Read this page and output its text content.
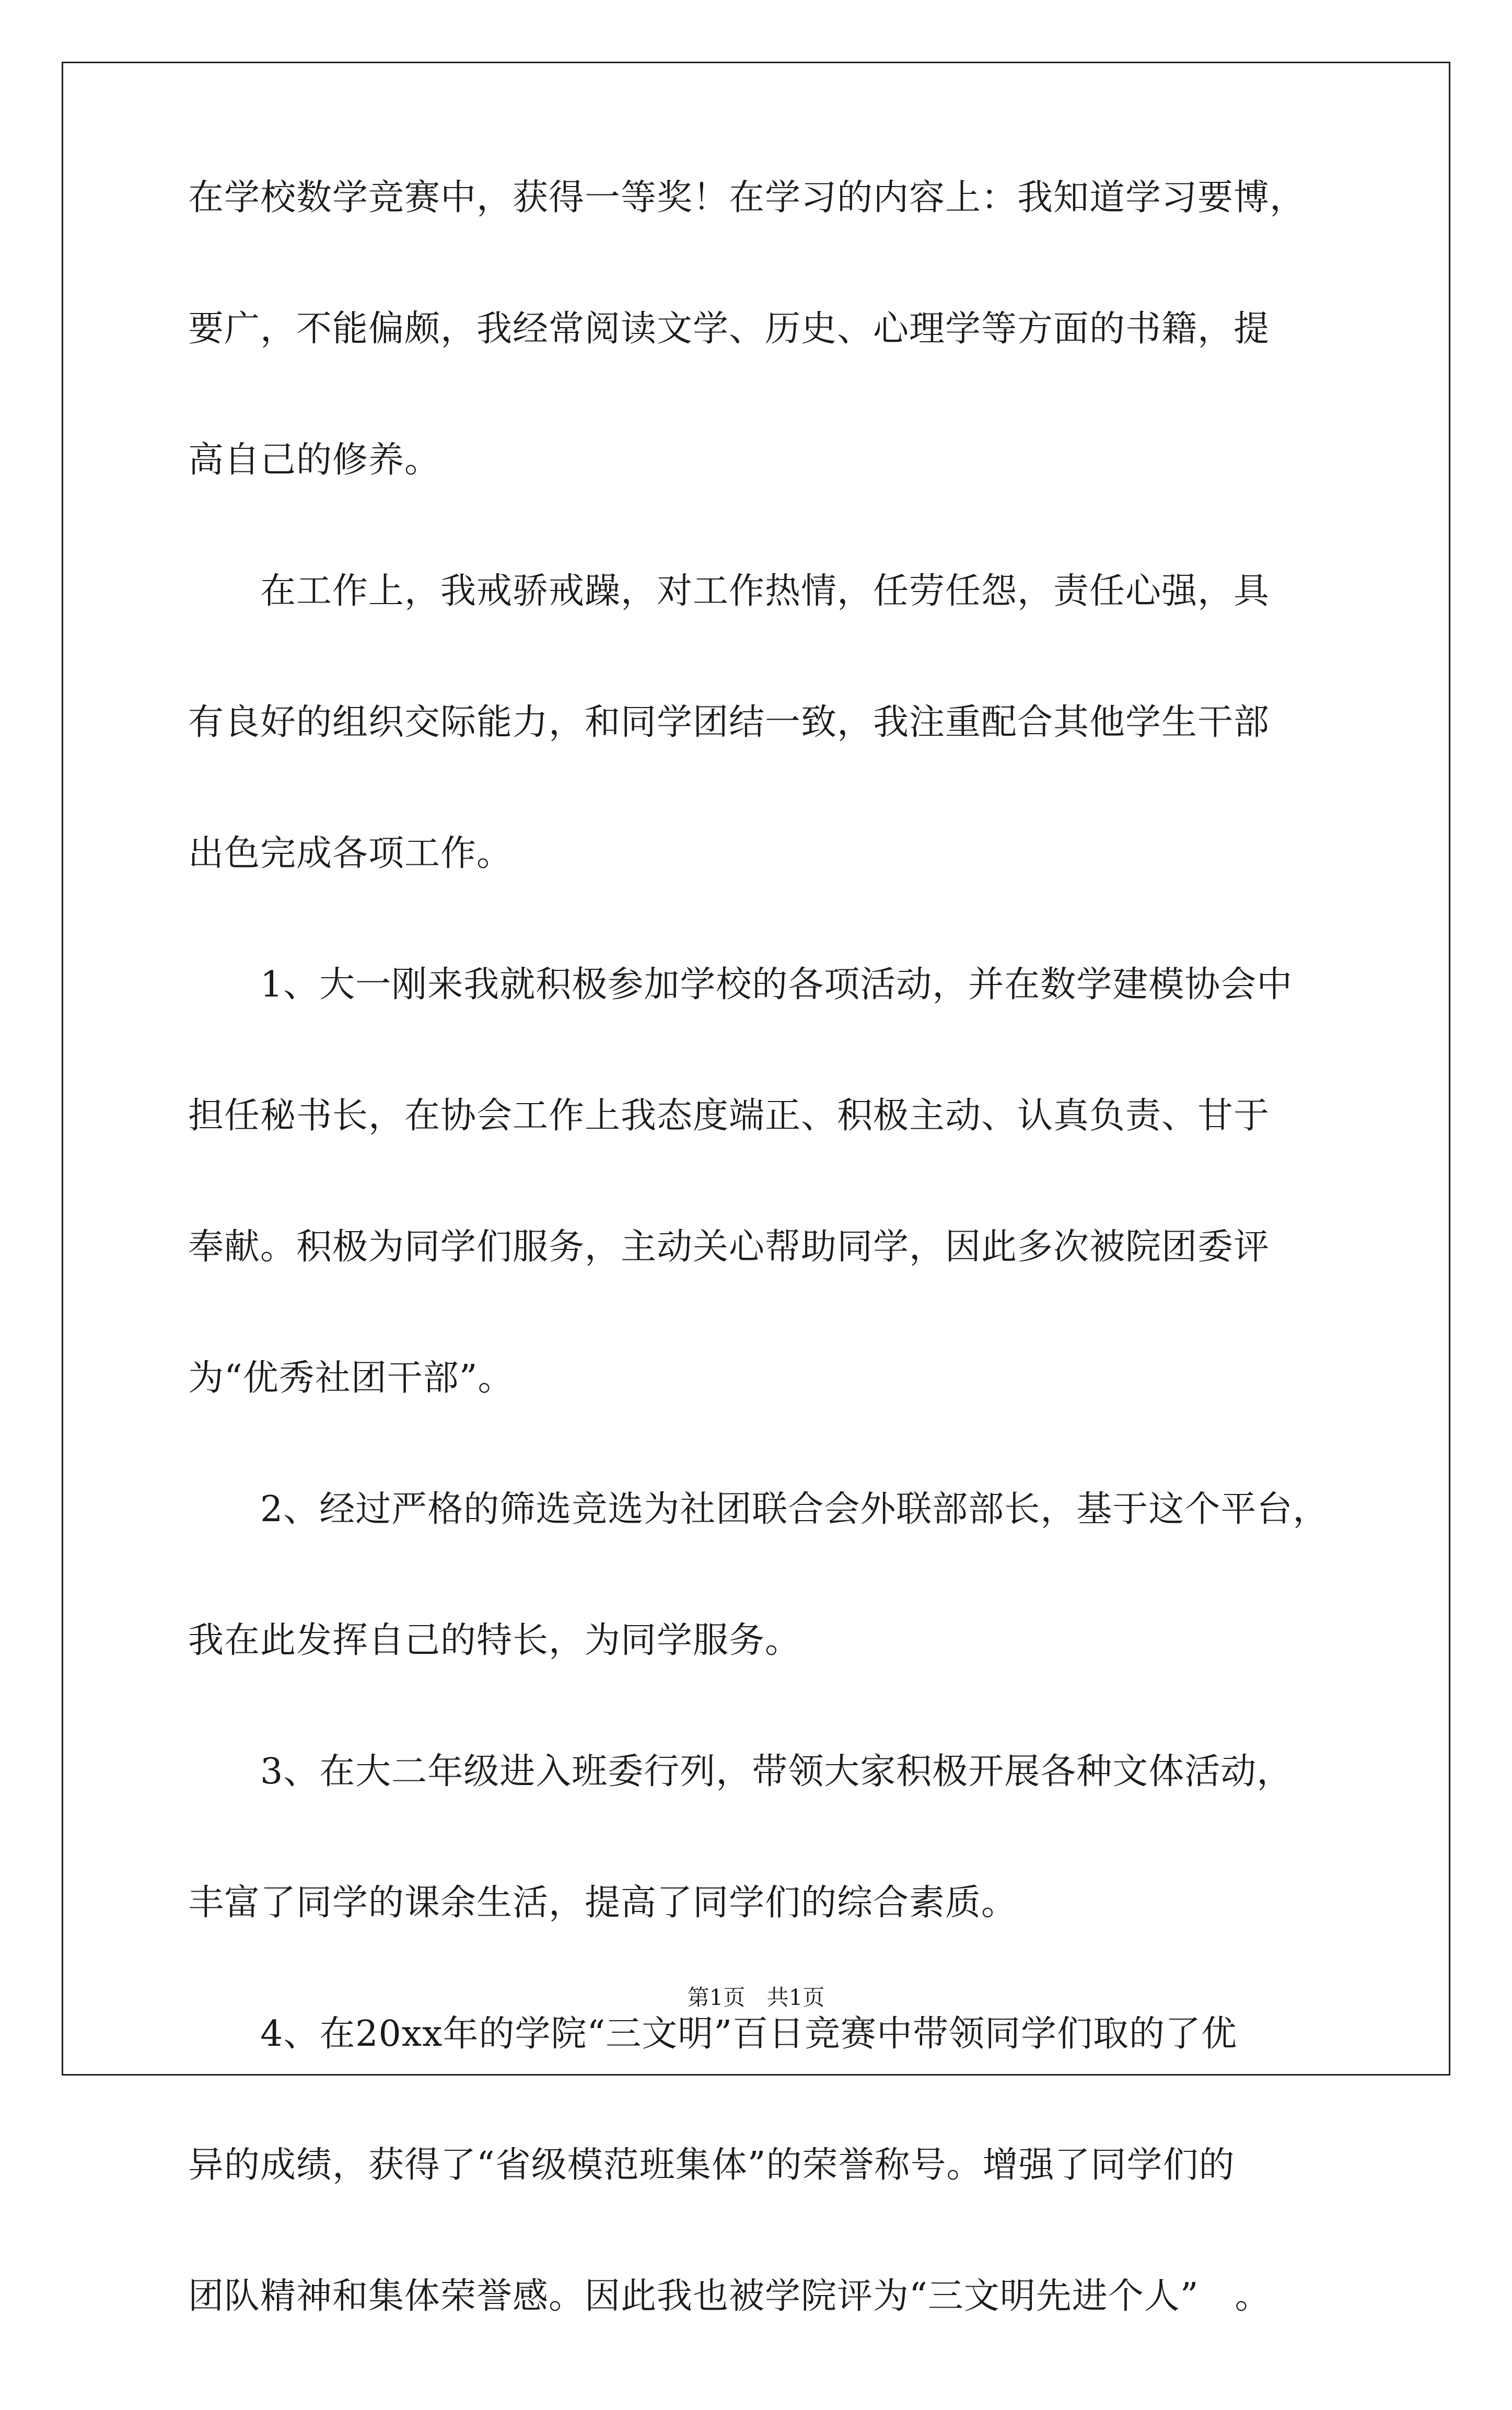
在学校数学竞赛中，获得一等奖！在学习的内容上：我知道学习要博，
要广，不能偏颇，我经常阅读文学、历史、心理学等方面的书籍，提
高自己的修养。
　　在工作上，我戒骄戒躁，对工作热情，任劳任怨，责任心强，具
有良好的组织交际能力，和同学团结一致，我注重配合其他学生干部
出色完成各项工作。
　　1、大一刚来我就积极参加学校的各项活动，并在数学建模协会中
担任秘书长，在协会工作上我态度端正、积极主动、认真负责、甘于
奉献。积极为同学们服务，主动关心帮助同学，因此多次被院团委评
为“优秀社团干部”。
　　2、经过严格的筛选竞选为社团联合会外联部部长，基于这个平台，
我在此发挥自己的特长，为同学服务。
　　3、在大二年级进入班委行列，带领大家积极开展各种文体活动，
丰富了同学的课余生活，提高了同学们的综合素质。
　　4、在20xx年的学院“三文明”百日竞赛中带领同学们取的了优
异的成绩，获得了“省级模范班集体”的荣誉称号。增强了同学们的
团队精神和集体荣誉感。因此我也被学院评为“三文明先进个人”　。
第1页 共1页
